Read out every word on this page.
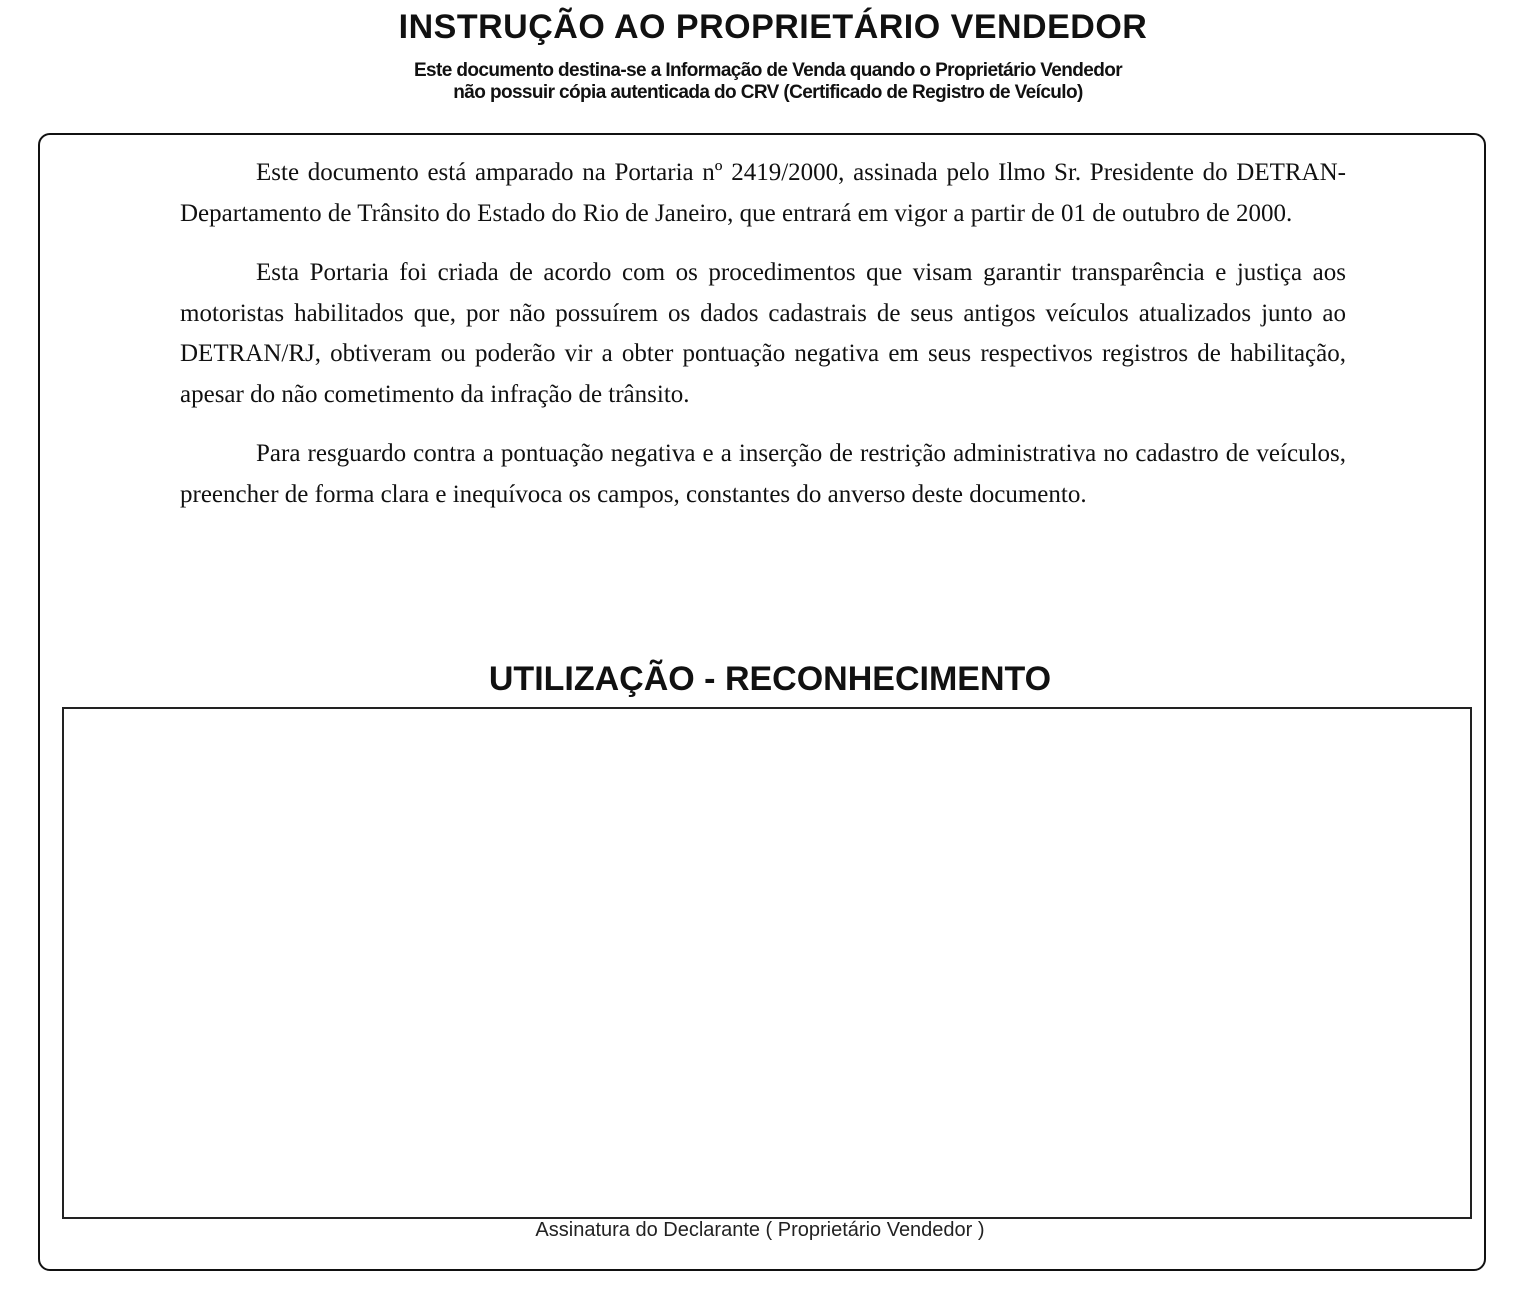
INSTRUÇÃO AO PROPRIETÁRIO VENDEDOR
Este documento destina-se a Informação de Venda quando o Proprietário Vendedor
não possuir cópia autenticada do CRV (Certificado de Registro de Veículo)

Este documento está amparado na Portaria nº 2419/2000, assinada pelo Ilmo Sr. Presidente do DETRAN-Departamento de Trânsito do Estado do Rio de Janeiro, que entrará em vigor a partir de 01 de outubro de 2000.

Esta Portaria foi criada de acordo com os procedimentos que visam garantir transparência e justiça aos motoristas habilitados que, por não possuírem os dados cadastrais de seus antigos veículos atualizados junto ao DETRAN/RJ, obtiveram ou poderão vir a obter pontuação negativa em seus respectivos registros de habilitação, apesar do não cometimento da infração de trânsito.

Para resguardo contra a pontuação negativa e a inserção de restrição administrativa no cadastro de veículos, preencher de forma clara e inequívoca os campos, constantes do anverso deste documento.

UTILIZAÇÃO - RECONHECIMENTO
Assinatura do Declarante ( Proprietário Vendedor )
